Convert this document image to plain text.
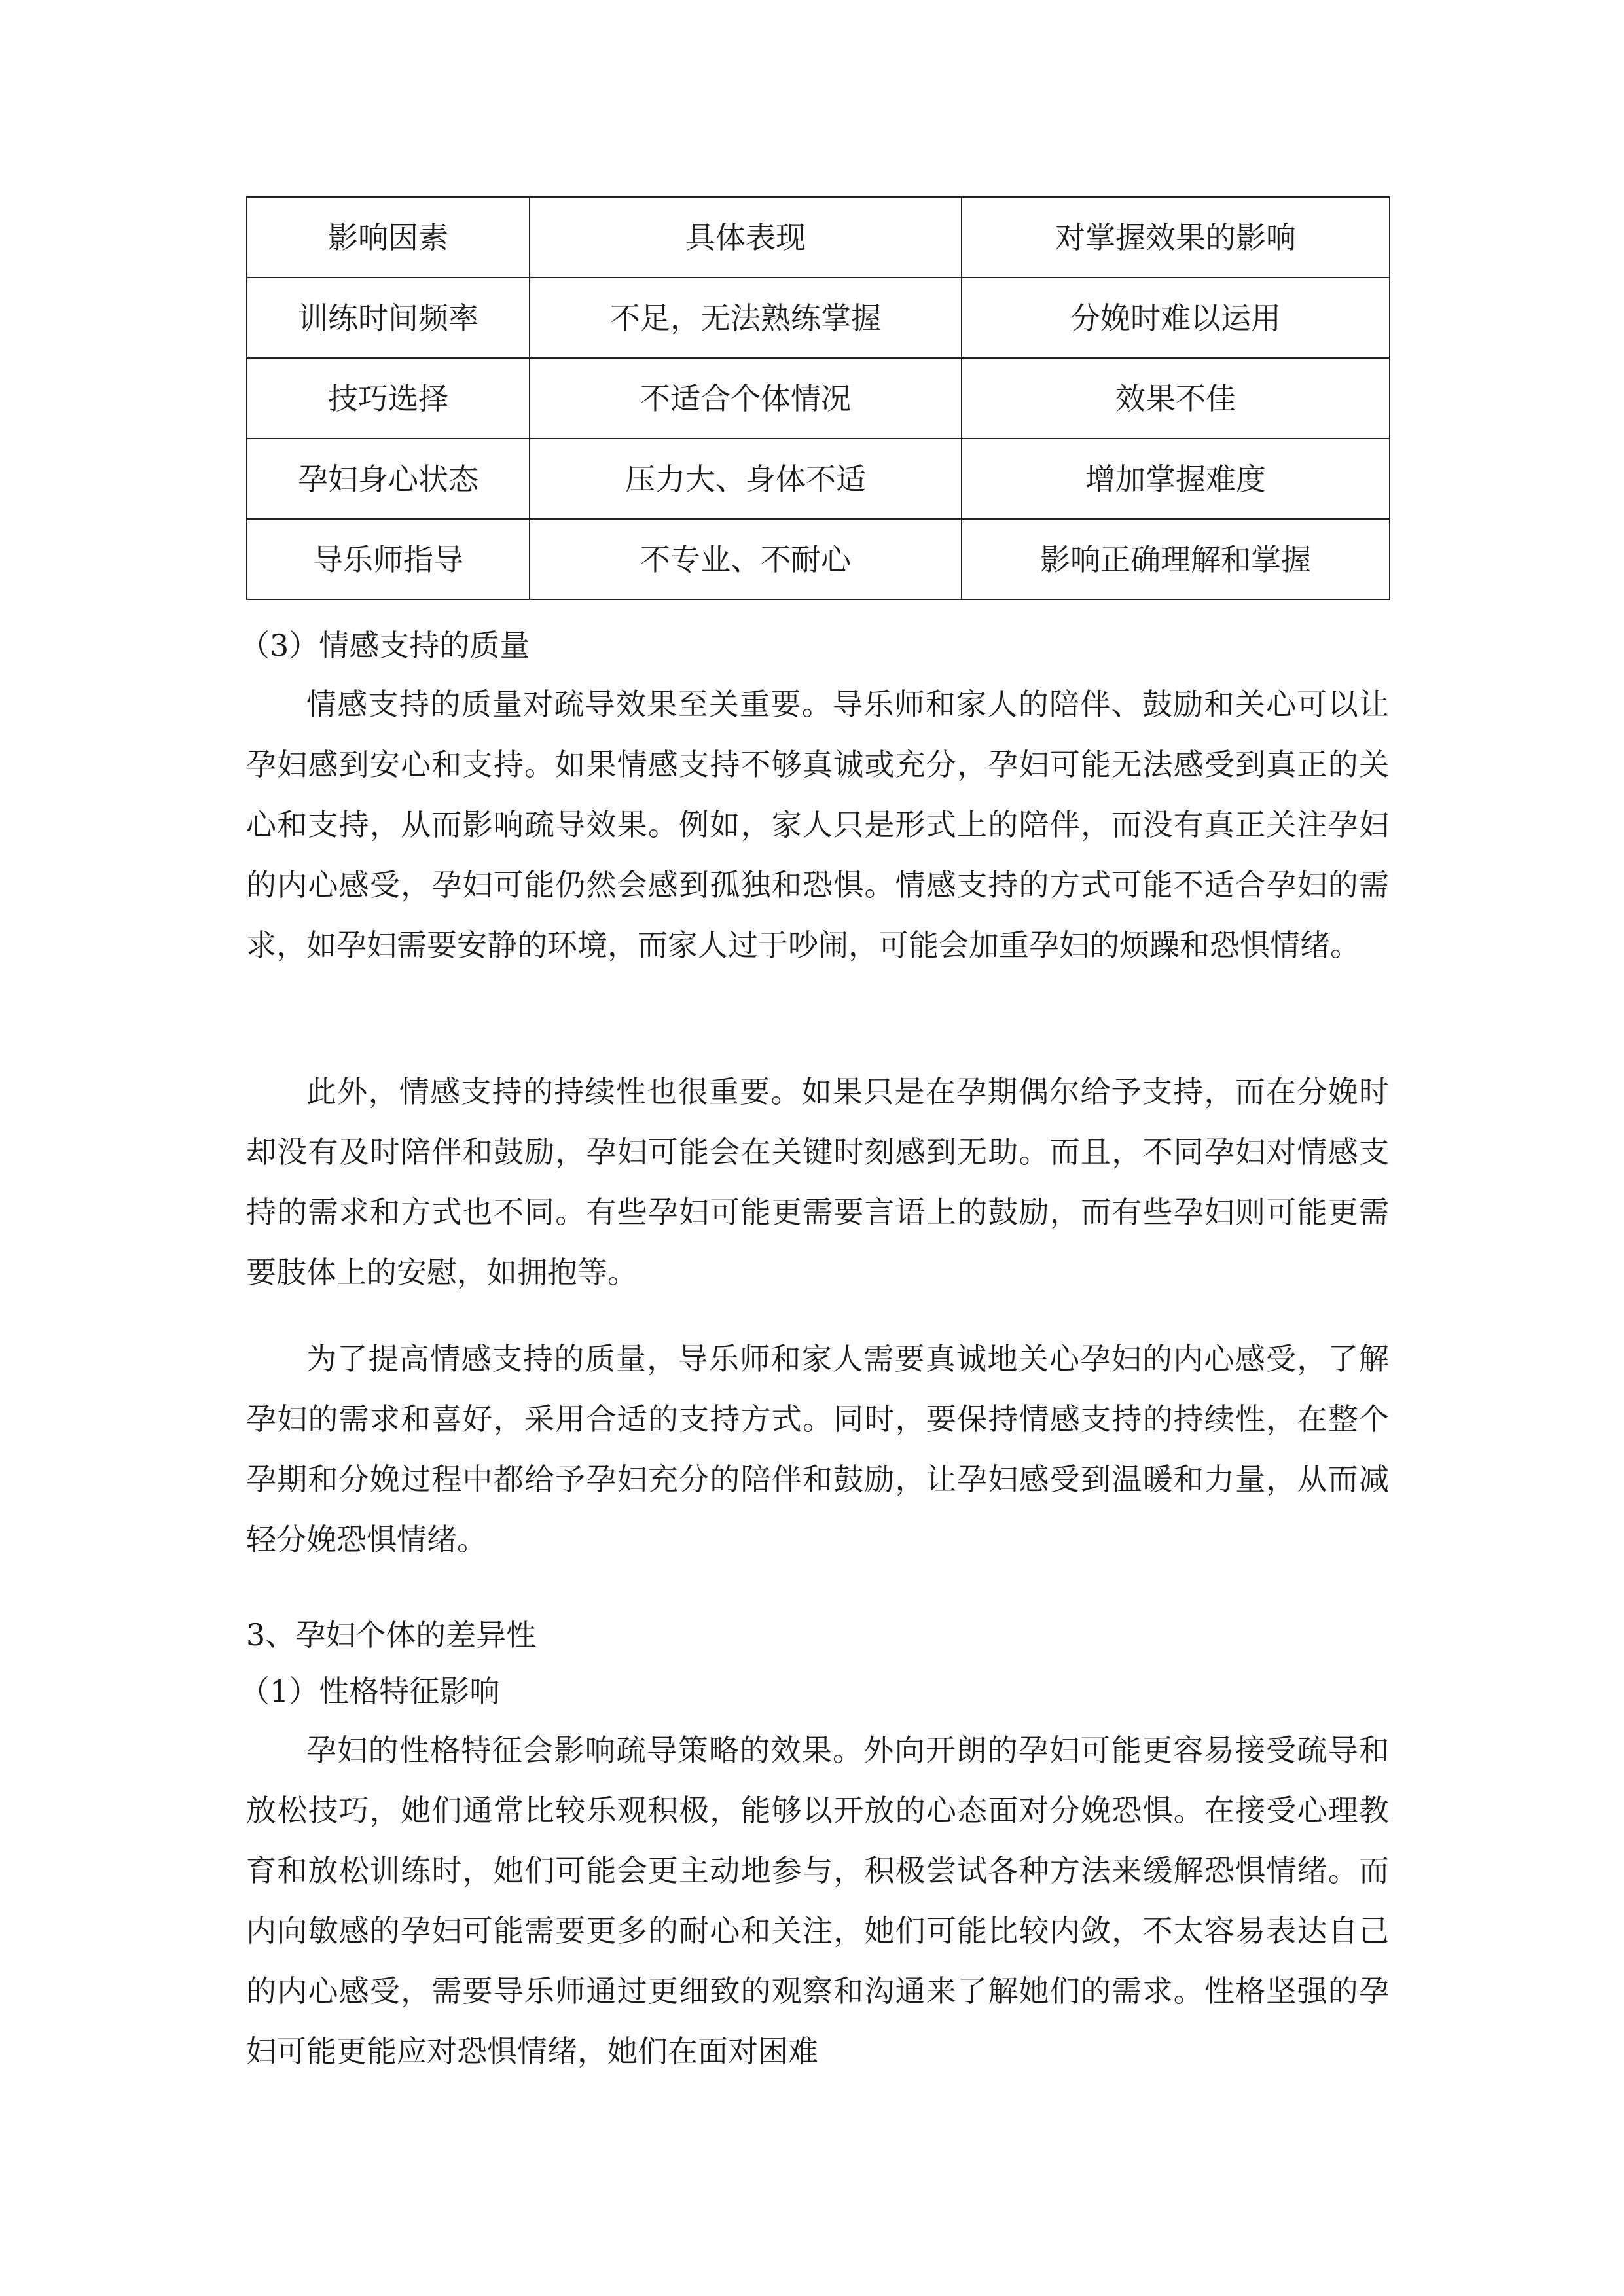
影响因素	具体表现	对掌握效果的影响
训练时间频率	不足，无法熟练掌握	分娩时难以运用
技巧选择	不适合个体情况	效果不佳
孕妇身心状态	压力大、身体不适	增加掌握难度
导乐师指导	不专业、不耐心	影响正确理解和掌握

（3）情感支持的质量

情感支持的质量对疏导效果至关重要。导乐师和家人的陪伴、鼓励和关心可以让孕妇感到安心和支持。如果情感支持不够真诚或充分，孕妇可能无法感受到真正的关心和支持，从而影响疏导效果。例如，家人只是形式上的陪伴，而没有真正关注孕妇的内心感受，孕妇可能仍然会感到孤独和恐惧。情感支持的方式可能不适合孕妇的需求，如孕妇需要安静的环境，而家人过于吵闹，可能会加重孕妇的烦躁和恐惧情绪。

此外，情感支持的持续性也很重要。如果只是在孕期偶尔给予支持，而在分娩时却没有及时陪伴和鼓励，孕妇可能会在关键时刻感到无助。而且，不同孕妇对情感支持的需求和方式也不同。有些孕妇可能更需要言语上的鼓励，而有些孕妇则可能更需要肢体上的安慰，如拥抱等。

为了提高情感支持的质量，导乐师和家人需要真诚地关心孕妇的内心感受，了解孕妇的需求和喜好，采用合适的支持方式。同时，要保持情感支持的持续性，在整个孕期和分娩过程中都给予孕妇充分的陪伴和鼓励，让孕妇感受到温暖和力量，从而减轻分娩恐惧情绪。

3、孕妇个体的差异性

（1）性格特征影响

孕妇的性格特征会影响疏导策略的效果。外向开朗的孕妇可能更容易接受疏导和放松技巧，她们通常比较乐观积极，能够以开放的心态面对分娩恐惧。在接受心理教育和放松训练时，她们可能会更主动地参与，积极尝试各种方法来缓解恐惧情绪。而内向敏感的孕妇可能需要更多的耐心和关注，她们可能比较内敛，不太容易表达自己的内心感受，需要导乐师通过更细致的观察和沟通来了解她们的需求。性格坚强的孕妇可能更能应对恐惧情绪，她们在面对困难
